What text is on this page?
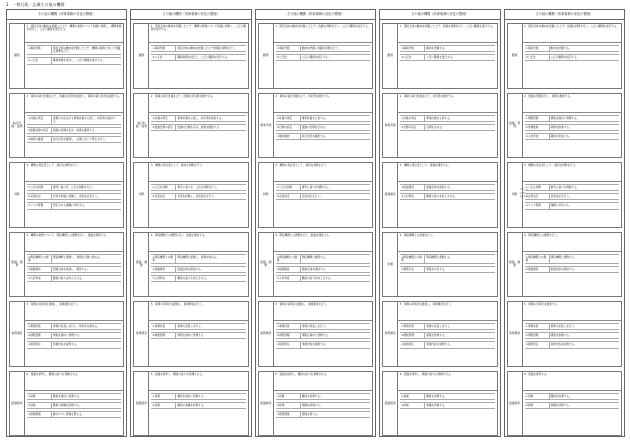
1　一般行政・広域その他の機関
その他の機関（所掌事務の変化の整理）
観察
1　国民全体の動向を把握した上で、機関の業務について的確に判断し、機関業務を遂行し、公正に職務を遂行する。
①事前実施	国民全体の動向を把握した上で、機関の業務に対して的確な判断を行う。
②公正性	職務業務を遂行し、公正に職務を遂行する。
執行計画・成果
2　事業の執行計画を立て、的確な対応策を検討し、事業の執行状況を確認する。
①計画の策定	業務の方針を示す事業計画を立案し、対応策を検討する。
②組織目標の設定	組織の目標を定め、成果を確認する。
③進捗の確認	執行状況を確認し、必要に応じて修正を行う。
判断
3　機関の責任者として、適切な判断を行う。
①公正な判断	事実に基づき、公正な判断を行う。
②意思決定	状況を的確に把握し、意思決定を行う。
③リスク管理	想定される課題に対応する。
組織・調整
4　機関の業務について、関係機関との調整を行い、組織を運営する。
①関係機関との調整
関係機関と連携し、業務を円滑に進める。
②組織運営	組織全体を統括し、運営する。
③人材育成	職員の能力を向上させる。
業務運営
5　業務の効率化を推進し、業務運営を行う。
①業務改善	業務の見直しを行い、効率化を進める。
②情報管理	情報を適切に管理する。
③説明責任	業務内容を説明する。
組織統率
6　組織を統率し、職員の能力を発揮させる。
①指導	職員を適切に指導する。
②評価	職員の業績を評価する。
③環境整備	働きやすい環境を整える。
その他の機関（所掌事務の変化の整理）
観察
1　国民全体の動向を把握した上で、機関の業務について的確に判断し、公正に職務を遂行する。
①事前実施	国民全体の動向を把握した上で的確な判断を行う。
②公正性	職務業務を遂行し、公正に職務を遂行する。
執行計画・成果
2　事業の執行計画を立て、的確な対応策を検討する。
①計画の策定	事業計画を立案し、対応策を検討する。
②組織目標の設定	組織の目標を定め、成果を確認する。
判断
3　機関の責任者として、適切な判断を行う。
①公正な判断	事実に基づき、公正な判断を行う。
②意思決定	状況を把握し、意思決定を行う。
組織・調整
4　関係機関との調整を行い、組織を運営する。
①関係機関との調整
関係機関と連携し、業務を進める。
②組織運営	組織全体を統括する。
③人材育成	職員の能力を向上させる。
業務運営
5　業務の効率化を推進し、業務運営を行う。
①業務改善	業務の見直しを行う。
②情報管理	情報を適切に管理する。
組織統率
6　組織を統率し、職員の能力を発揮させる。
①指導	職員を適切に指導する。
②評価	職員の業績を評価する。
その他の機関（所掌事務の変化の整理）
観察
1　国民全体の動向を把握した上で、的確な判断を行い、公正に職務を遂行する。
①事前実施	動向を把握し的確な判断を行う。
②公正性	公正に職務を遂行する。
事業実施
2　事業の執行計画を立て、対応策を検討する。
①計画の策定	事業計画を立案する。
②目標の設定	組織の目標を定める。
③進捗確認	執行状況を確認する。
判断
3　機関の責任者として、適切な判断を行う。
①公正な判断	事実に基づき判断する。
②意思決定	意思決定を行う。
組織・調整
4　関係機関との調整を行い、組織を運営する。
①関係機関との調整
関係機関と連携する。
②組織運営	組織全体を統括する。
③人材育成	職員の能力を向上させる。
業務運営
5　業務の効率化を推進し、業務運営を行う。
①業務改善	業務の見直しを行う。
②情報管理	情報を適切に管理する。
③説明責任	業務内容を説明する。
組織統率
6　組織を統率し、職員の能力を発揮させる。
①指導	職員を指導する。
②評価	業績を評価する。
③環境整備	環境を整える。
その他の機関（所掌事務の変化の整理）
観察
1　国民全体の動向を把握した上で、的確な判断を行い、公正に職務を遂行する。
①事前実施	動向を把握する。
②公正性	公正に職務を遂行する。
事業実施
2　事業の執行計画を立て、対応策を検討する。
①計画の策定	事業計画を立案する。
②目標の設定	目標を定める。
組織運営
3　機関の責任者として、組織を運営する。
①組織運営	組織全体を統括する。
②人材育成	職員の能力を向上させる。
折衝
4　関係機関との折衝を行う。
①関係機関との調整
関係機関と連携する。
②情報共有	情報を共有する。
業務運営
5　業務の効率化を推進し、業務運営を行う。
①業務改善	業務の見直しを行う。
②情報管理	情報を管理する。
③説明責任	業務内容を説明する。
組織統率
6　組織を統率し、職員の能力を発揮させる。
①指導	職員を指導する。
②評価	業績を評価する。
その他の機関（所掌事務の変化の整理）
観察
1　国民全体の動向を把握した上で、的確な判断を行い、公正に職務を遂行する。
①事前実施	動向を把握する。
②公正性	公正に職務を遂行する。
組織・管理
2　組織の管理を行い、業務を推進する。
①情報管理	情報を適切に管理する。
②業務推進	業務を推進する。
③人材育成	職員を育成する。
判断
3　機関の責任者として、適切な判断を行う。
①公正な判断	事実に基づき判断する。
②意思決定	意思決定を行う。
③リスク管理	課題に対応する。
組織・調整
4　関係機関との調整を行う。
①関係機関との調整
関係機関と連携する。
②組織運営	組織全体を統括する。
業務運営
5　業務の効率化を推進する。
①業務改善	業務の見直しを行う。
②情報管理	情報を管理する。
③説明責任	業務内容を説明する。
組織統率
6　組織を統率する。
①指導	職員を指導する。
②評価	業績を評価する。
コミュニケーション
